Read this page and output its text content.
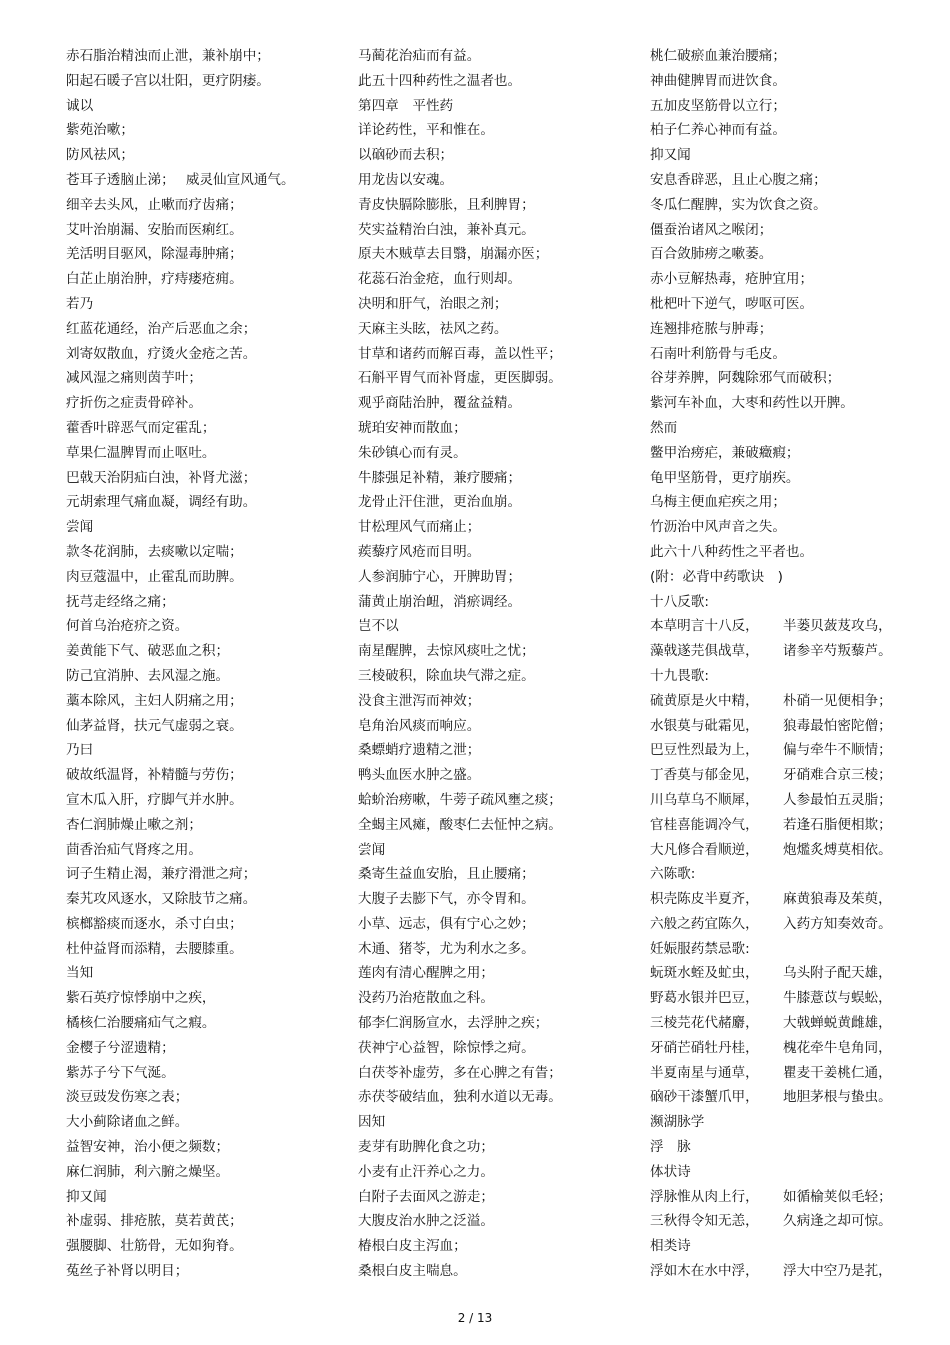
赤石脂治精浊而止泄，兼补崩中；
阳起石暖子宫以壮阳，更疗阴痿。
诚以
紫苑治嗽；
防风祛风；
苍耳子透脑止涕；　 威灵仙宣风通气。
细辛去头风，止嗽而疗齿痛；
艾叶治崩漏、安胎而医痢红。
羌活明目驱风，除湿毒肿痛；
白芷止崩治肿，疗痔瘘疮痈。
若乃
红蓝花通经，治产后恶血之余；
刘寄奴散血，疗烫火金疮之苦。
减风湿之痛则茵芋叶；
疗折伤之症责骨碎补。
藿香叶辟恶气而定霍乱；
草果仁温脾胃而止呕吐。
巴戟天治阴疝白浊，补肾尤滋；
元胡索理气痛血凝，调经有助。
尝闻
款冬花润肺，去痰嗽以定喘；
肉豆蔻温中，止霍乱而助脾。
抚芎走经络之痛；
何首乌治疮疥之资。
姜黄能下气、破恶血之积；
防己宜消肿、去风湿之施。
藁本除风，主妇人阴痛之用；
仙茅益肾，扶元气虚弱之衰。
乃曰
破故纸温肾，补精髓与劳伤；
宣木瓜入肝，疗脚气并水肿。
杏仁润肺燥止嗽之剂；
茴香治疝气肾疼之用。
诃子生精止渴，兼疗滑泄之疴；
秦艽攻风逐水，又除肢节之痛。
槟榔豁痰而逐水，杀寸白虫；
杜仲益肾而添精，去腰膝重。
当知
紫石英疗惊悸崩中之疾，
橘核仁治腰痛疝气之瘕。
金樱子兮涩遗精；
紫苏子兮下气涎。
淡豆豉发伤寒之表；
大小蓟除诸血之鲜。
益智安神，治小便之频数；
麻仁润肺，利六腑之燥坚。
抑又闻
补虚弱、排疮脓，莫若黄芪；
强腰脚、壮筋骨，无如狗脊。
菟丝子补肾以明目；
马蔺花治疝而有益。
此五十四种药性之温者也。
第四章　平性药
详论药性，平和惟在。
以硇砂而去积；
用龙齿以安魂。
青皮快膈除膨胀，且利脾胃；
芡实益精治白浊，兼补真元。
原夫木贼草去目翳，崩漏亦医；
花蕊石治金疮，血行则却。
决明和肝气，治眼之剂；
天麻主头眩，祛风之药。
甘草和诸药而解百毒，盖以性平；
石斛平胃气而补肾虚，更医脚弱。
观乎商陆治肿，覆盆益精。
琥珀安神而散血；
朱砂镇心而有灵。
牛膝强足补精，兼疗腰痛；
龙骨止汗住泄，更治血崩。
甘松理风气而痛止；
蒺藜疗风疮而目明。
人参润肺宁心，开脾助胃；
蒲黄止崩治衄，消瘀调经。
岂不以
南星醒脾，去惊风痰吐之忧；
三棱破积，除血块气滞之症。
没食主泄泻而神效；
皂角治风痰而响应。
桑螵蛸疗遗精之泄；
鸭头血医水肿之盛。
蛤蚧治痨嗽，牛蒡子疏风壅之痰；
全蝎主风瘫，酸枣仁去怔忡之病。
尝闻
桑寄生益血安胎，且止腰痛；
大腹子去膨下气，亦令胃和。
小草、远志，俱有宁心之妙；
木通、猪苓，尤为利水之多。
莲肉有清心醒脾之用；
没药乃治疮散血之科。
郁李仁润肠宣水，去浮肿之疾；
茯神宁心益智，除惊悸之疴。
白茯苓补虚劳，多在心脾之有眚；
赤茯苓破结血，独利水道以无毒。
因知
麦芽有助脾化食之功；
小麦有止汗养心之力。
白附子去面风之游走；
大腹皮治水肿之泛溢。
椿根白皮主泻血；
桑根白皮主喘息。
桃仁破瘀血兼治腰痛；
神曲健脾胃而进饮食。
五加皮坚筋骨以立行；
柏子仁养心神而有益。
抑又闻
安息香辟恶，且止心腹之痛；
冬瓜仁醒脾，实为饮食之资。
僵蚕治诸风之喉闭；
百合敛肺痨之嗽萎。
赤小豆解热毒，疮肿宜用；
枇杷叶下逆气，哕呕可医。
连翘排疮脓与肿毒；
石南叶利筋骨与毛皮。
谷芽养脾，阿魏除邪气而破积；
紫河车补血，大枣和药性以开脾。
然而
鳖甲治痨疟，兼破癥瘕；
龟甲坚筋骨，更疗崩疾。
乌梅主便血疟疾之用；
竹沥治中风声音之失。
此六十八种药性之平者也。
(附：必背中药歌诀　)
十八反歌:
本草明言十八反， 半蒌贝蔹芨攻乌，
藻戟遂芫俱战草， 诸参辛芍叛藜芦。
十九畏歌:
硫黄原是火中精， 朴硝一见便相争；
水银莫与砒霜见， 狼毒最怕密陀僧；
巴豆性烈最为上， 偏与牵牛不顺情；
丁香莫与郁金见， 牙硝难合京三棱；
川乌草乌不顺犀， 人参最怕五灵脂；
官桂喜能调冷气， 若逢石脂便相欺；
大凡修合看顺逆， 炮爁炙煿莫相依。
六陈歌:
枳壳陈皮半夏齐， 麻黄狼毒及茱萸，
六般之药宜陈久， 入药方知奏效奇。
妊娠服药禁忌歌:
蚖斑水蛭及虻虫， 乌头附子配天雄，
野葛水银并巴豆， 牛膝薏苡与蜈蚣，
三棱芫花代赭麝， 大戟蝉蜕黄雌雄，
牙硝芒硝牡丹桂， 槐花牵牛皂角同，
半夏南星与通草， 瞿麦干姜桃仁通，
硇砂干漆蟹爪甲， 地胆茅根与蛰虫。
濒湖脉学
浮　脉
体状诗
浮脉惟从肉上行， 如循榆荚似毛轻；
三秋得令知无恙， 久病逢之却可惊。
相类诗
浮如木在水中浮， 浮大中空乃是芤，
2 / 13
